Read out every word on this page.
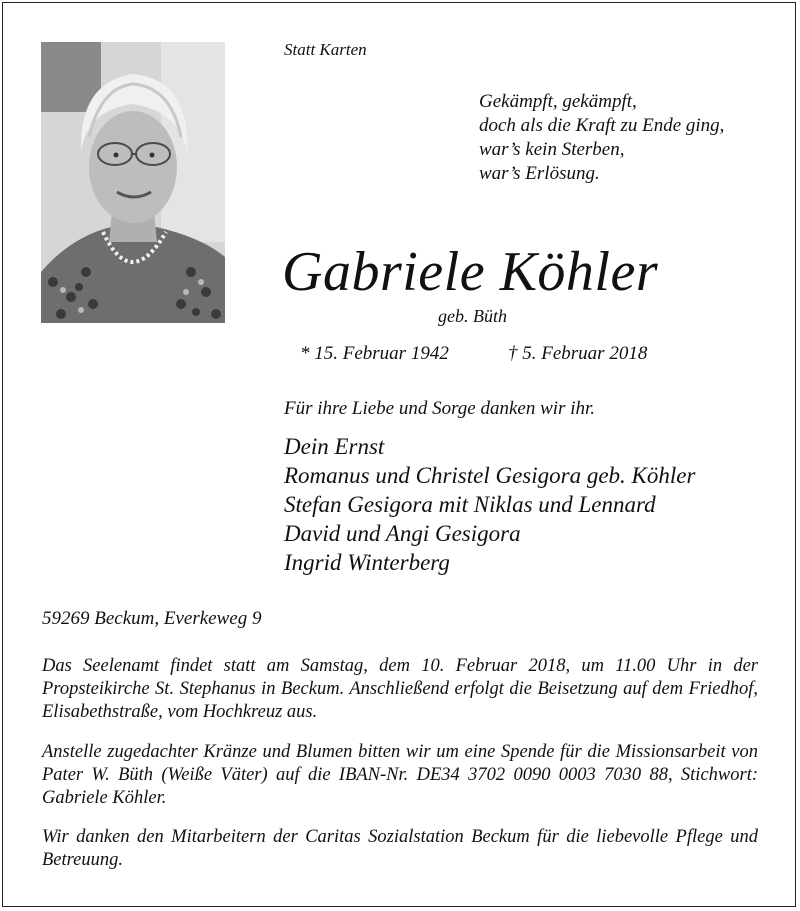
Statt Karten

Gekämpft, gekämpft,
doch als die Kraft zu Ende ging,
war’s kein Sterben,
war’s Erlösung.
Gabriele Köhler

geb. Büth

* 15. Februar 1942	† 5. Februar 2018

Für ihre Liebe und Sorge danken wir ihr.

Dein Ernst
Romanus und Christel Gesigora geb. Köhler
Stefan Gesigora mit Niklas und Lennard
David und Angi Gesigora
Ingrid Winterberg

59269 Beckum, Everkeweg 9

Das Seelenamt findet statt am Samstag, dem 10. Februar 2018, um 11.00 Uhr in der Propsteikirche St. Stephanus in Beckum. Anschließend erfolgt die Beisetzung auf dem Friedhof, Elisabethstraße, vom Hochkreuz aus.

Anstelle zugedachter Kränze und Blumen bitten wir um eine Spende für die Missionsarbeit von Pater W. Büth (Weiße Väter) auf die IBAN-Nr. DE34 3702 0090 0003 7030 88, Stichwort: Gabriele Köhler.

Wir danken den Mitarbeitern der Caritas Sozialstation Beckum für die liebevolle Pflege und Betreuung.
